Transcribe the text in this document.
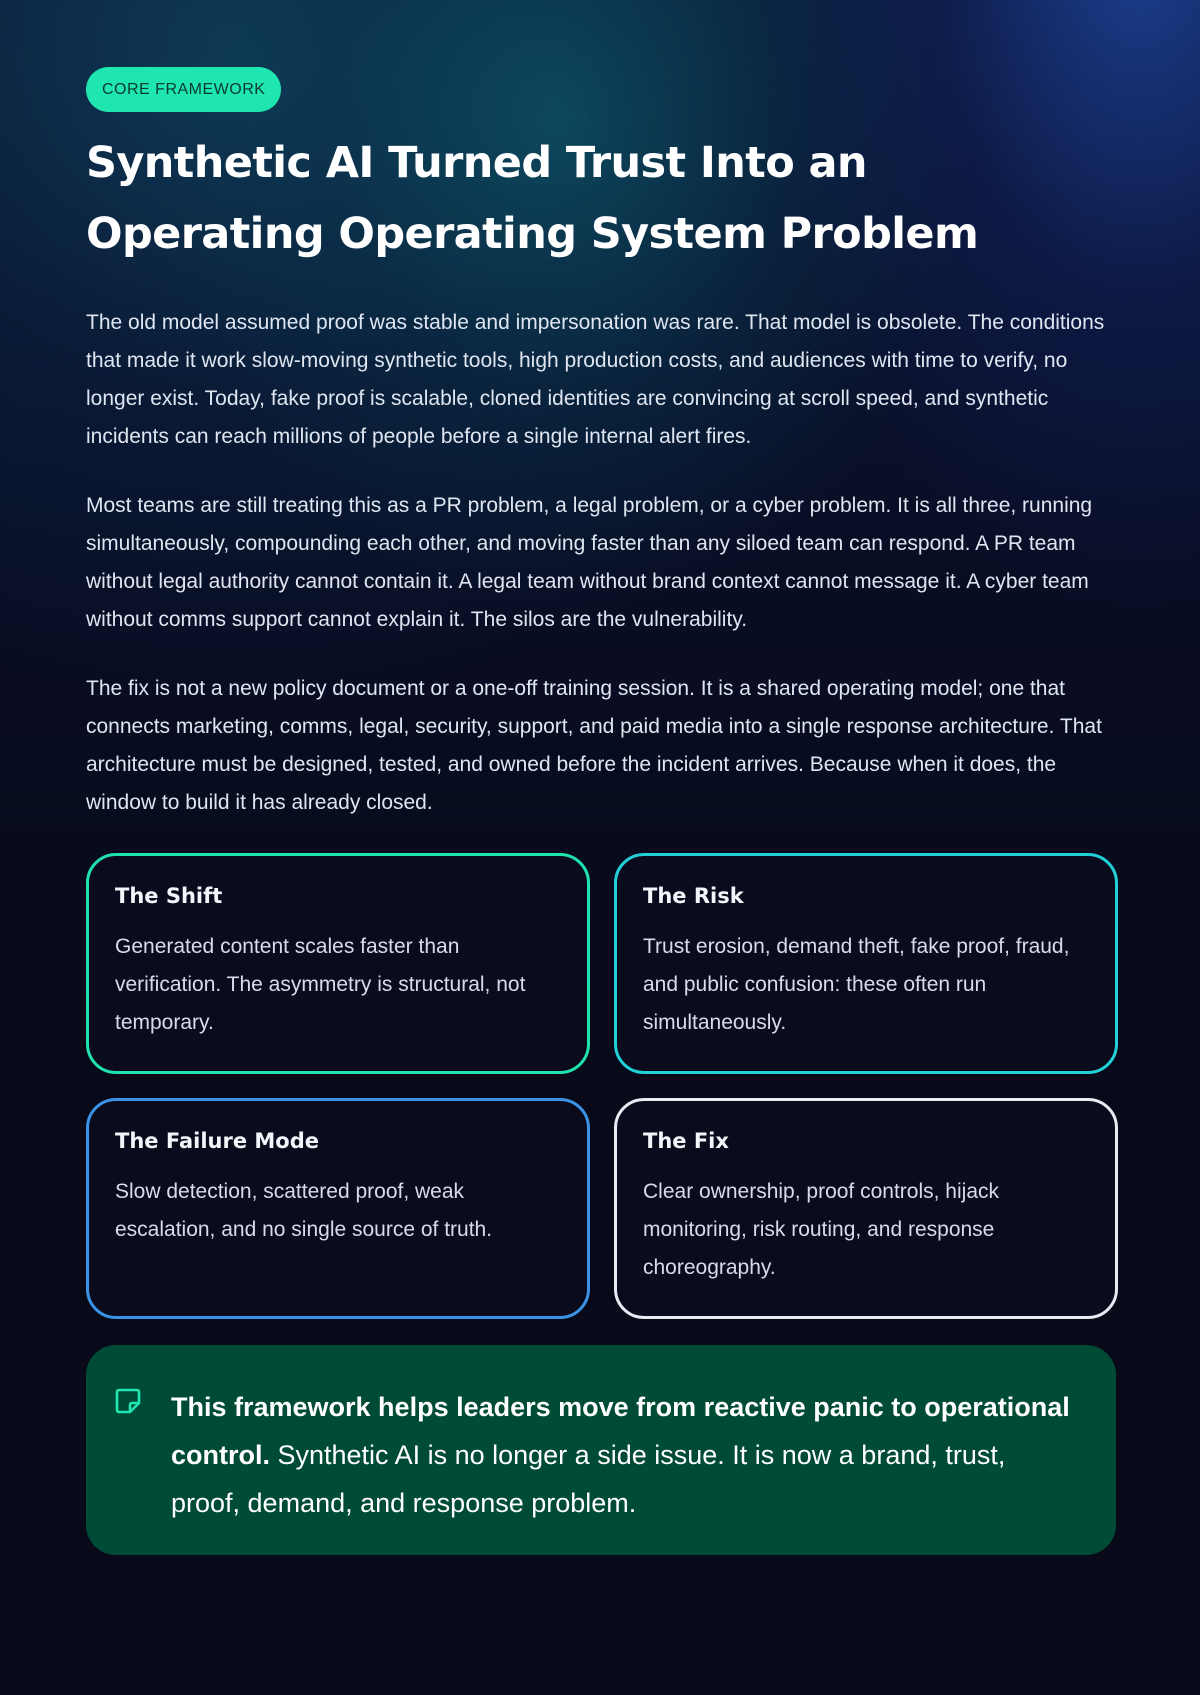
CORE FRAMEWORK
Synthetic AI Turned Trust Into an Operating Operating System Problem

The old model assumed proof was stable and impersonation was rare. That model is obsolete. The conditions that made it work slow-moving synthetic tools, high production costs, and audiences with time to verify, no longer exist. Today, fake proof is scalable, cloned identities are convincing at scroll speed, and synthetic incidents can reach millions of people before a single internal alert fires.

Most teams are still treating this as a PR problem, a legal problem, or a cyber problem. It is all three, running simultaneously, compounding each other, and moving faster than any siloed team can respond. A PR team without legal authority cannot contain it. A legal team without brand context cannot message it. A cyber team without comms support cannot explain it. The silos are the vulnerability.

The fix is not a new policy document or a one-off training session. It is a shared operating model; one that connects marketing, comms, legal, security, support, and paid media into a single response architecture. That architecture must be designed, tested, and owned before the incident arrives. Because when it does, the window to build it has already closed.

The Shift
Generated content scales faster than verification. The asymmetry is structural, not temporary.
The Risk
Trust erosion, demand theft, fake proof, fraud, and public confusion: these often run simultaneously.
The Failure Mode
Slow detection, scattered proof, weak escalation, and no single source of truth.
The Fix
Clear ownership, proof controls, hijack monitoring, risk routing, and response choreography.
This framework helps leaders move from reactive panic to operational control. Synthetic AI is no longer a side issue. It is now a brand, trust, proof, demand, and response problem.
